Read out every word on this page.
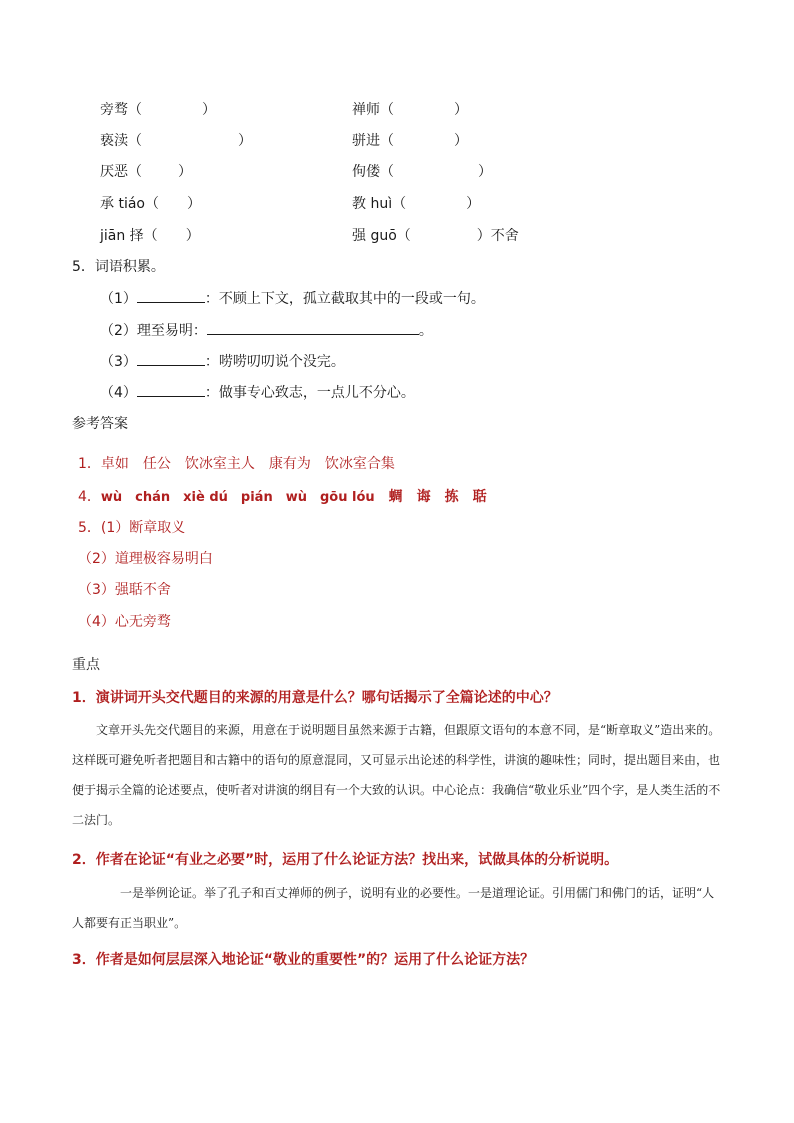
旁骛（	）	禅师（	）
亵渎（	）	骈进（	）
厌恶（	）	佝偻（	）
承 tiáo（ ）	教 huì（	）
jiān 择（ ）	强 guō（	）不舍
5．词语积累。
（1）	：不顾上下文，孤立截取其中的一段或一句。
（2）理至易明：	。
（3）	：唠唠叨叨说个没完。
（4）	：做事专心致志，一点儿不分心。
参考答案
1．卓如　任公　饮冰室主人　康有为　饮冰室合集
4．wù　chán　xiè dú　pián　wù　gōu lóu　 蜩　诲　拣　聒
5．(1）断章取义
（2）道理极容易明白
（3）强聒不舍
（4）心无旁骛
重点
1．演讲词开头交代题目的来源的用意是什么？哪句话揭示了全篇论述的中心？
文章开头先交代题目的来源，用意在于说明题目虽然来源于古籍，但跟原文语句的本意不同，是“断章取义”造出来的。这样既可避免听者把题目和古籍中的语句的原意混同，又可显示出论述的科学性，讲演的趣味性；同时，提出题目来由，也便于揭示全篇的论述要点，使听者对讲演的纲目有一个大致的认识。中心论点：我确信“敬业乐业”四个字，是人类生活的不二法门。
2．作者在论证“有业之必要”时，运用了什么论证方法？找出来，试做具体的分析说明。
一是举例论证。举了孔子和百丈禅师的例子，说明有业的必要性。一是道理论证。引用儒门和佛门的话，证明“人人都要有正当职业”。
3．作者是如何层层深入地论证“敬业的重要性”的？运用了什么论证方法？
